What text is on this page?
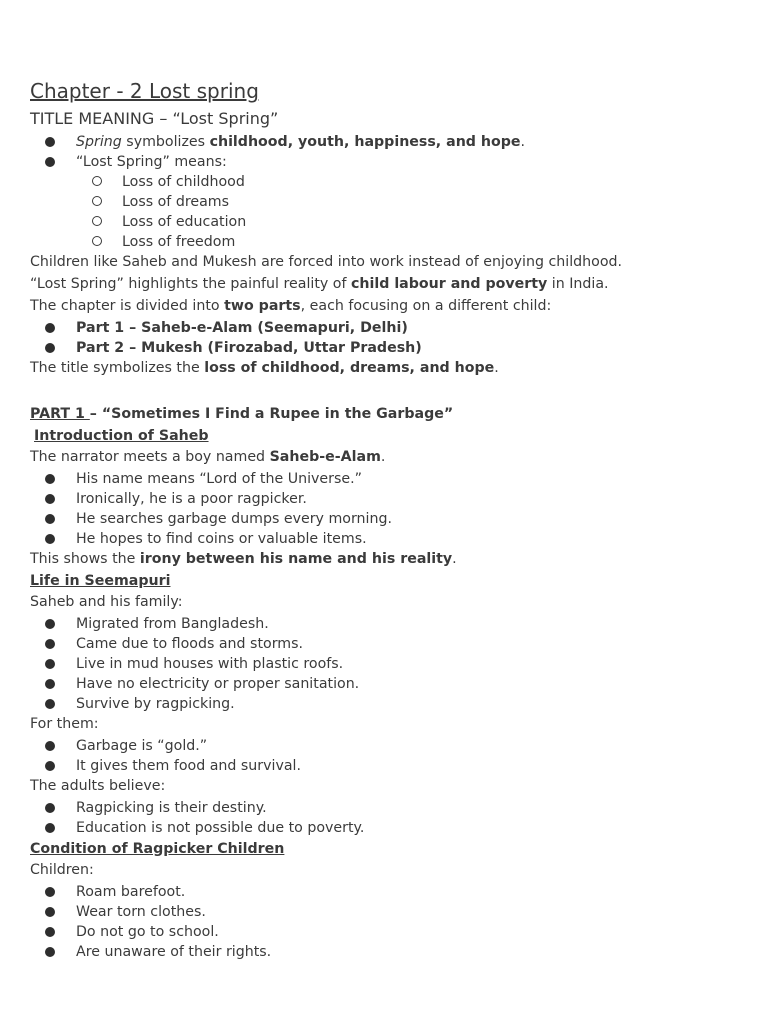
Chapter - 2 Lost spring
TITLE MEANING – “Lost Spring”
Spring symbolizes childhood, youth, happiness, and hope.
“Lost Spring” means:
Loss of childhood
Loss of dreams
Loss of education
Loss of freedom

Children like Saheb and Mukesh are forced into work instead of enjoying childhood.

“Lost Spring” highlights the painful reality of child labour and poverty in India.

The chapter is divided into two parts, each focusing on a different child:

Part 1 – Saheb-e-Alam (Seemapuri, Delhi)
Part 2 – Mukesh (Firozabad, Uttar Pradesh)

The title symbolizes the loss of childhood, dreams, and hope.

PART 1 – “Sometimes I Find a Rupee in the Garbage”

Introduction of Saheb

The narrator meets a boy named Saheb-e-Alam.

His name means “Lord of the Universe.”
Ironically, he is a poor ragpicker.
He searches garbage dumps every morning.
He hopes to find coins or valuable items.

This shows the irony between his name and his reality.

Life in Seemapuri

Saheb and his family:

Migrated from Bangladesh.
Came due to floods and storms.
Live in mud houses with plastic roofs.
Have no electricity or proper sanitation.
Survive by ragpicking.

For them:

Garbage is “gold.”
It gives them food and survival.

The adults believe:

Ragpicking is their destiny.
Education is not possible due to poverty.

Condition of Ragpicker Children

Children:

Roam barefoot.
Wear torn clothes.
Do not go to school.
Are unaware of their rights.
